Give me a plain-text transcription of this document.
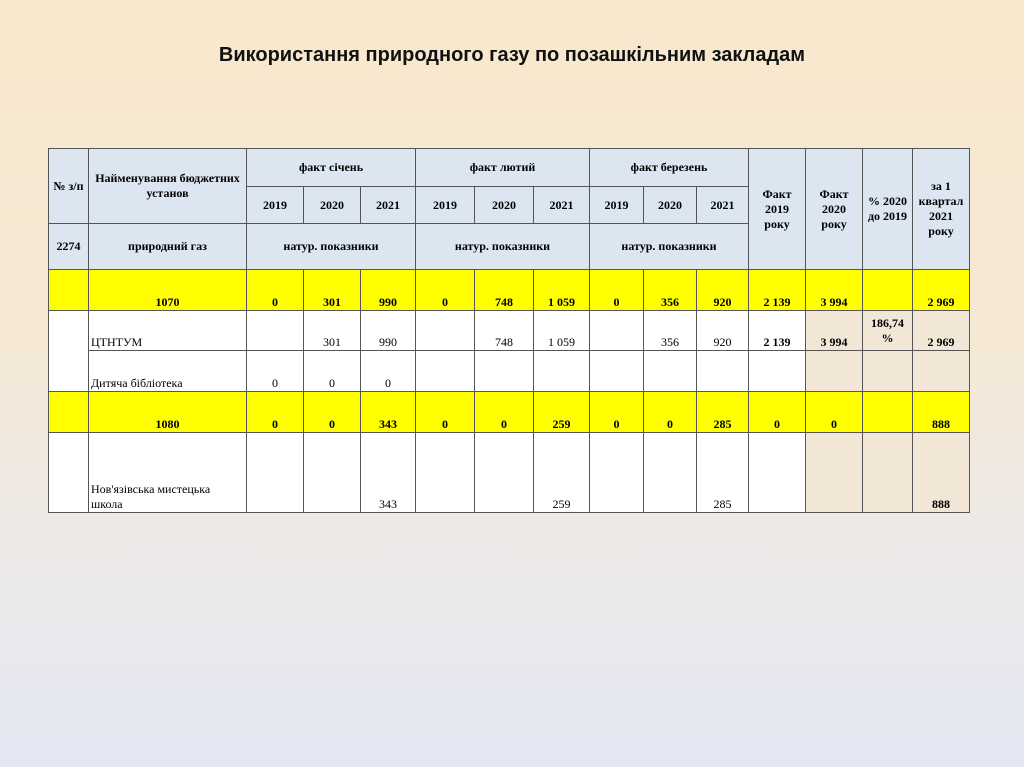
Використання природного газу по позашкільним закладам
№ з/п	Найменування бюджетних установ	факт січень			факт лютий			факт березень			Факт 2019 року	Факт 2020 року	% 2020 до 2019	за 1 квартал 2021 року
		2019	2020	2021	2019	2020	2021	2019	2020	2021				
2274	природний газ	натур. показники			натур. показники			натур. показники						
	1070	0	301	990	0	748	1 059	0	356	920	2 139	3 994		2 969
	ЦТНТУМ		301	990		748	1 059		356	920	2 139	3 994	186,74 %	2 969
	Дитяча бібліотека	0	0	0										
	1080	0	0	343	0	0	259	0	0	285	0	0		888
	Нов'язівська мистецька школа			343			259			285				888
